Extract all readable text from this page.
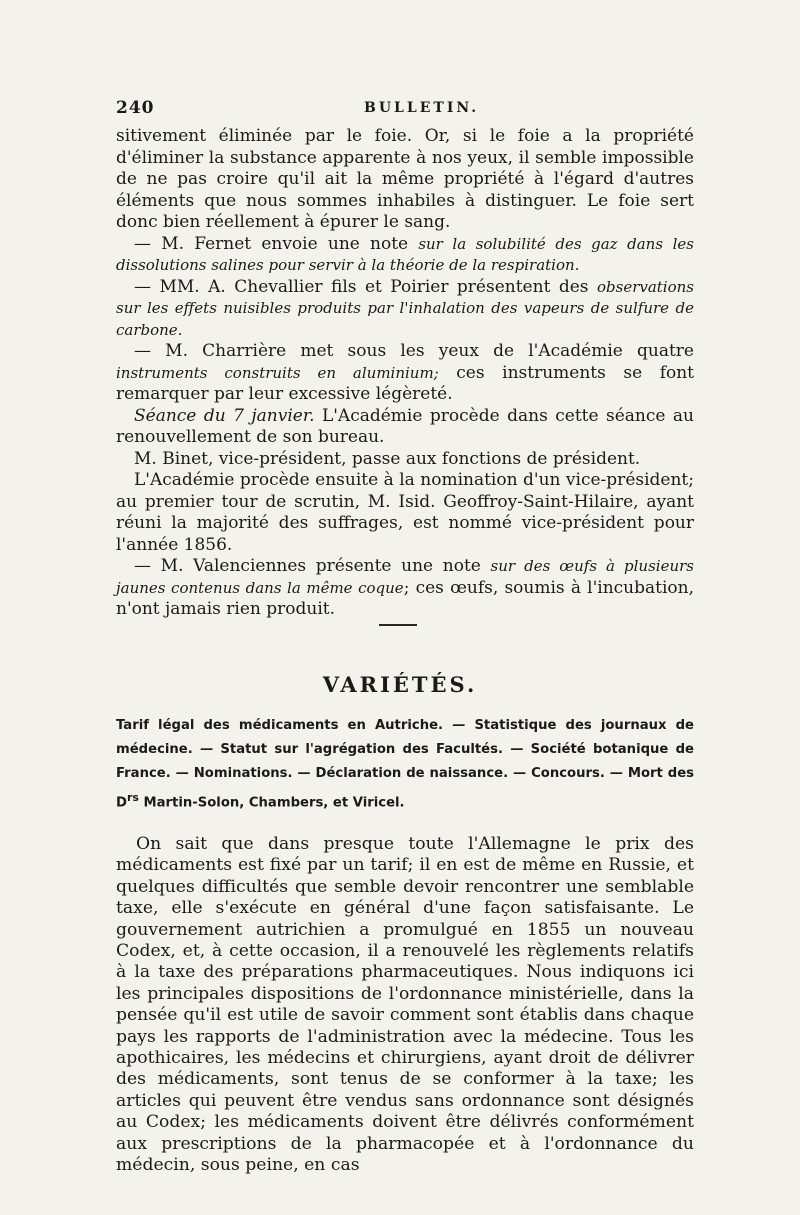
240	BULLETIN.

sitivement éliminée par le foie. Or, si le foie a la propriété d'éliminer la substance apparente à nos yeux, il semble impossible de ne pas croire qu'il ait la même propriété à l'égard d'autres éléments que nous sommes inhabiles à distinguer. Le foie sert donc bien réellement à épurer le sang.

— M. Fernet envoie une note sur la solubilité des gaz dans les dissolutions salines pour servir à la théorie de la respiration.

— MM. A. Chevallier fils et Poirier présentent des observations sur les effets nuisibles produits par l'inhalation des vapeurs de sulfure de carbone.

— M. Charrière met sous les yeux de l'Académie quatre instruments construits en aluminium; ces instruments se font remarquer par leur excessive légèreté.

Séance du 7 janvier. L'Académie procède dans cette séance au renouvellement de son bureau.

M. Binet, vice-président, passe aux fonctions de président.

L'Académie procède ensuite à la nomination d'un vice-président; au premier tour de scrutin, M. Isid. Geoffroy-Saint-Hilaire, ayant réuni la majorité des suffrages, est nommé vice-président pour l'année 1856.

— M. Valenciennes présente une note sur des œufs à plusieurs jaunes contenus dans la même coque; ces œufs, soumis à l'incubation, n'ont jamais rien produit.

VARIÉTÉS.

Tarif légal des médicaments en Autriche. — Statistique des journaux de médecine. — Statut sur l'agrégation des Facultés. — Société botanique de France. — Nominations. — Déclaration de naissance. — Concours. — Mort des $D^{rs}$ Martin-Solon, Chambers, et Viricel.

On sait que dans presque toute l'Allemagne le prix des médicaments est fixé par un tarif; il en est de même en Russie, et quelques difficultés que semble devoir rencontrer une semblable taxe, elle s'exécute en général d'une façon satisfaisante. Le gouvernement autrichien a promulgué en 1855 un nouveau Codex, et, à cette occasion, il a renouvelé les règlements relatifs à la taxe des préparations pharmaceutiques. Nous indiquons ici les principales dispositions de l'ordonnance ministérielle, dans la pensée qu'il est utile de savoir comment sont établis dans chaque pays les rapports de l'administration avec la médecine. Tous les apothicaires, les médecins et chirurgiens, ayant droit de délivrer des médicaments, sont tenus de se conformer à la taxe; les articles qui peuvent être vendus sans ordonnance sont désignés au Codex; les médicaments doivent être délivrés conformément aux prescriptions de la pharmacopée et à l'ordonnance du médecin, sous peine, en cas
